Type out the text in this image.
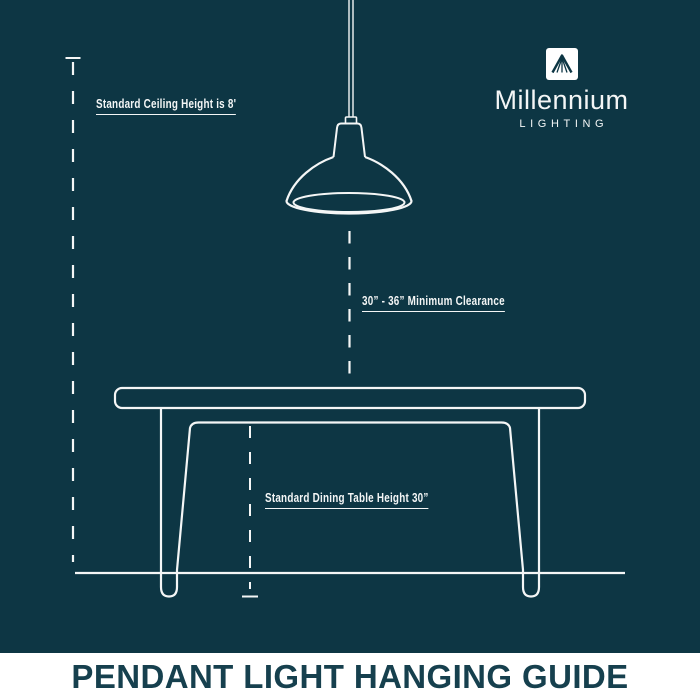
Standard Ceiling Height is 8'
30” - 36” Minimum Clearance
Standard Dining Table Height 30”
Millennium
LIGHTING
PENDANT LIGHT HANGING GUIDE
